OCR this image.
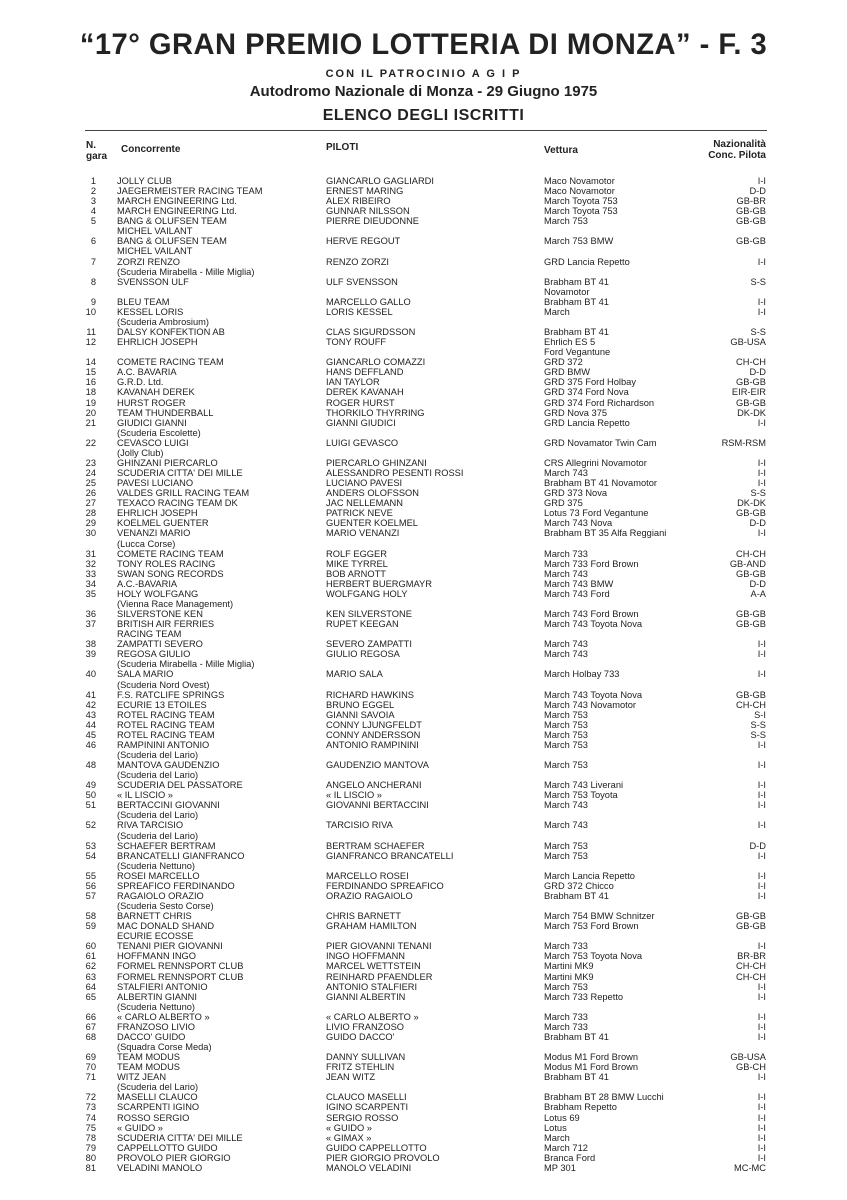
“17° GRAN PREMIO LOTTERIA DI MONZA” - F. 3
CON IL PATROCINIO A G I P
Autodromo Nazionale di Monza - 29 Giugno 1975
ELENCO DEGLI ISCRITTI
N.
gara
Concorrente	PILOTI	Vettura
Nazionalità
Conc. Pilota
1 JOLLY CLUB	GIANCARLO GAGLIARDI	Maco Novamotor	I-I
2 JAEGERMEISTER RACING TEAM	ERNEST MARING	Maco Novamotor	D-D
3 MARCH ENGINEERING Ltd.	ALEX RIBEIRO	March Toyota 753	GB-BR
4 MARCH ENGINEERING Ltd.	GUNNAR NILSSON	March Toyota 753	GB-GB
5 BANG & OLUFSEN TEAM	PIERRE DIEUDONNE	March 753	GB-GB
MICHEL VAILANT
6 BANG & OLUFSEN TEAM	HERVE REGOUT	March 753 BMW	GB-GB
MICHEL VAILANT
7 ZORZI RENZO	RENZO ZORZI	GRD Lancia Repetto	I-I
(Scuderia Mirabella - Mille Miglia)
8 SVENSSON ULF	ULF SVENSSON	Brabham BT 41	S-S
Novamotor
9 BLEU TEAM	MARCELLO GALLO	Brabham BT 41	I-I
10 KESSEL LORIS	LORIS KESSEL	March	I-I
(Scuderia Ambrosium)
11 DALSY KONFEKTION AB	CLAS SIGURDSSON	Brabham BT 41	S-S
12 EHRLICH JOSEPH	TONY ROUFF	Ehrlich ES 5	GB-USA
Ford Vegantune
14 COMETE RACING TEAM	GIANCARLO COMAZZI	GRD 372	CH-CH
15 A.C. BAVARIA	HANS DEFFLAND	GRD BMW	D-D
16 G.R.D. Ltd.	IAN TAYLOR	GRD 375 Ford Holbay	GB-GB
18 KAVANAH DEREK	DEREK KAVANAH	GRD 374 Ford Nova	EIR-EIR
19 HURST ROGER	ROGER HURST	GRD 374 Ford Richardson	GB-GB
20 TEAM THUNDERBALL	THORKILO THYRRING	GRD Nova 375	DK-DK
21 GIUDICI GIANNI	GIANNI GIUDICI	GRD Lancia Repetto	I-I
(Scuderia Escolette)
22 CEVASCO LUIGI	LUIGI GEVASCO	GRD Novamator Twin Cam	RSM-RSM
(Jolly Club)
23 GHINZANI PIERCARLO	PIERCARLO GHINZANI	CRS Allegrini Novamotor	I-I
24 SCUDERIA CITTA' DEI MILLE	ALESSANDRO PESENTI ROSSI	March 743	I-I
25 PAVESI LUCIANO	LUCIANO PAVESI	Brabham BT 41 Novamotor	I-I
26 VALDES GRILL RACING TEAM	ANDERS OLOFSSON	GRD 373 Nova	S-S
27 TEXACO RACING TEAM DK	JAC NELLEMANN	GRD 375	DK-DK
28 EHRLICH JOSEPH	PATRICK NEVE	Lotus 73 Ford Vegantune	GB-GB
29 KOELMEL GUENTER	GUENTER KOELMEL	March 743 Nova	D-D
30 VENANZI MARIO	MARIO VENANZI	Brabham BT 35 Alfa Reggiani	I-I
(Lucca Corse)
31 COMETE RACING TEAM	ROLF EGGER	March 733	CH-CH
32 TONY ROLES RACING	MIKE TYRREL	March 733 Ford Brown	GB-AND
33 SWAN SONG RECORDS	BOB ARNOTT	March 743	GB-GB
34 A.C.-BAVARIA	HERBERT BUERGMAYR	March 743 BMW	D-D
35 HOLY WOLFGANG	WOLFGANG HOLY	March 743 Ford	A-A
(Vienna Race Management)
36 SILVERSTONE KEN	KEN SILVERSTONE	March 743 Ford Brown	GB-GB
37 BRITISH AIR FERRIES	RUPET KEEGAN	March 743 Toyota Nova	GB-GB
RACING TEAM
38 ZAMPATTI SEVERO	SEVERO ZAMPATTI	March 743	I-I
39 REGOSA GIULIO	GIULIO REGOSA	March 743	I-I
(Scuderia Mirabella - Mille Miglia)
40 SALA MARIO	MARIO SALA	March Holbay 733	I-I
(Scuderia Nord Ovest)
41 F.S. RATCLIFE SPRINGS	RICHARD HAWKINS	March 743 Toyota Nova	GB-GB
42 ECURIE 13 ETOILES	BRUNO EGGEL	March 743 Novamotor	CH-CH
43 ROTEL RACING TEAM	GIANNI SAVOIA	March 753	S-I
44 ROTEL RACING TEAM	CONNY LJUNGFELDT	March 753	S-S
45 ROTEL RACING TEAM	CONNY ANDERSSON	March 753	S-S
46 RAMPININI ANTONIO	ANTONIO RAMPININI	March 753	I-I
(Scuderia del Lario)
48 MANTOVA GAUDENZIO	GAUDENZIO MANTOVA	March 753	I-I
(Scuderia del Lario)
49 SCUDERIA DEL PASSATORE	ANGELO ANCHERANI	March 743 Liverani	I-I
50 « IL LISCIO »	« IL LISCIO »	March 753 Toyota	I-I
51 BERTACCINI GIOVANNI	GIOVANNI BERTACCINI	March 743	I-I
(Scuderia del Lario)
52 RIVA TARCISIO	TARCISIO RIVA	March 743	I-I
(Scuderia del Lario)
53 SCHAEFER BERTRAM	BERTRAM SCHAEFER	March 753	D-D
54 BRANCATELLI GIANFRANCO	GIANFRANCO BRANCATELLI	March 753	I-I
(Scuderia Nettuno)
55 ROSEI MARCELLO	MARCELLO ROSEI	March Lancia Repetto	I-I
56 SPREAFICO FERDINANDO	FERDINANDO SPREAFICO	GRD 372 Chicco	I-I
57 RAGAIOLO ORAZIO	ORAZIO RAGAIOLO	Brabham BT 41	I-I
(Scuderia Sesto Corse)
58 BARNETT CHRIS	CHRIS BARNETT	March 754 BMW Schnitzer	GB-GB
59 MAC DONALD SHAND	GRAHAM HAMILTON	March 753 Ford Brown	GB-GB
ECURIE ECOSSE
60 TENANI PIER GIOVANNI	PIER GIOVANNI TENANI	March 733	I-I
61 HOFFMANN INGO	INGO HOFFMANN	March 753 Toyota Nova	BR-BR
62 FORMEL RENNSPORT CLUB	MARCEL WETTSTEIN	Martini MK9	CH-CH
63 FORMEL RENNSPORT CLUB	REINHARD PFAENDLER	Martini MK9	CH-CH
64 STALFIERI ANTONIO	ANTONIO STALFIERI	March 753	I-I
65 ALBERTIN GIANNI	GIANNI ALBERTIN	March 733 Repetto	I-I
(Scuderia Nettuno)
66 « CARLO ALBERTO »	« CARLO ALBERTO »	March 733	I-I
67 FRANZOSO LIVIO	LIVIO FRANZOSO	March 733	I-I
68 DACCO' GUIDO	GUIDO DACCO'	Brabham BT 41	I-I
(Squadra Corse Meda)
69 TEAM MODUS	DANNY SULLIVAN	Modus M1 Ford Brown	GB-USA
70 TEAM MODUS	FRITZ STEHLIN	Modus M1 Ford Brown	GB-CH
71 WITZ JEAN	JEAN WITZ	Brabham BT 41	I-I
(Scuderia del Lario)
72 MASELLI CLAUCO	CLAUCO MASELLI	Brabham BT 28 BMW Lucchi	I-I
73 SCARPENTI IGINO	IGINO SCARPENTI	Brabham Repetto	I-I
74 ROSSO SERGIO	SERGIO ROSSO	Lotus 69	I-I
75 « GUIDO »	« GUIDO »	Lotus	I-I
78 SCUDERIA CITTA' DEI MILLE	« GIMAX »	March	I-I
79 CAPPELLOTTO GUIDO	GUIDO CAPPELLOTTO	March 712	I-I
80 PROVOLO PIER GIORGIO	PIER GIORGIO PROVOLO	Branca Ford	I-I
81 VELADINI MANOLO	MANOLO VELADINI	MP 301	MC-MC
